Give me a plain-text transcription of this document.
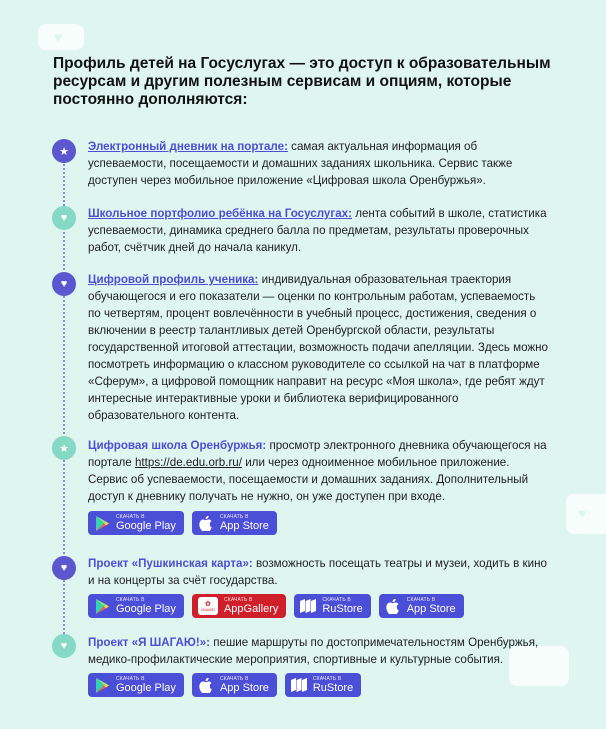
♥
♥
Профиль детей на Госуслугах — это доступ к образовательным ресурсам и другим полезным сервисам и опциям, которые постоянно дополняются:
★ Электронный дневник на портале: самая актуальная информация об успеваемости, посещаемости и домашних заданиях школьника. Сервис также доступен через мобильное приложение «Цифровая школа Оренбуржья».

♥ Школьное портфолио ребёнка на Госуслугах: лента событий в школе, статистика успеваемости, динамика среднего балла по предметам, результаты проверочных работ, счётчик дней до начала каникул.

♥ Цифровой профиль ученика: индивидуальная образовательная траектория обучающегося и его показатели — оценки по контрольным работам, успеваемость по четвертям, процент вовлечённости в учебный процесс, достижения, сведения о включении в реестр талантливых детей Оренбургской области, результаты государственной итоговой аттестации, возможность подачи апелляции. Здесь можно посмотреть информацию о классном руководителе со ссылкой на чат в платформе «Сферум», а цифровой помощник направит на ресурс «Моя школа», где ребят ждут интересные интерактивные уроки и библиотека верифицированного образовательного контента.

★ Цифровая школа Оренбуржья: просмотр электронного дневника обучающегося на портале https://de.edu.orb.ru/ или через одноименное мобильное приложение. Сервис об успеваемости, посещаемости и домашних заданиях. Дополнительный доступ к дневнику получать не нужно, он уже доступен при входе.

СКАЧАТЬ В
Google Play
СКАЧАТЬ В
App Store
♥ Проект «Пушкинская карта»: возможность посещать театры и музеи, ходить в кино и на концерты за счёт государства.

СКАЧАТЬ В
Google Play	✿
HUAWEI
СКАЧАТЬ В
AppGallery
СКАЧАТЬ В
RuStore
СКАЧАТЬ В
App Store
♥ Проект «Я ШАГАЮ!»: пешие маршруты по достопримечательностям Оренбуржья, медико-профилактические мероприятия, спортивные и культурные события.

СКАЧАТЬ В
Google Play
СКАЧАТЬ В
App Store
СКАЧАТЬ В
RuStore
